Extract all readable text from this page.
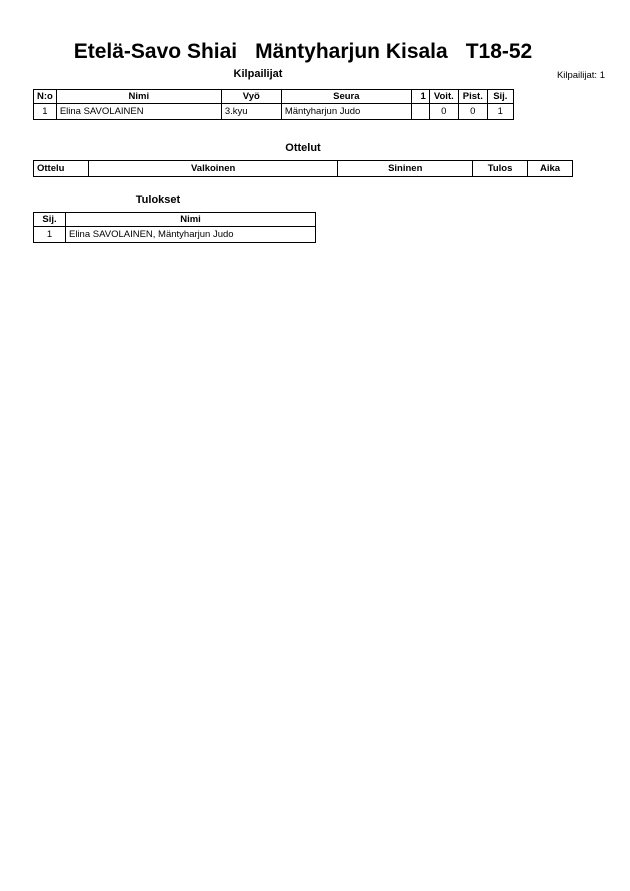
Etelä-Savo Shiai Mäntyharjun Kisala T18-52
Kilpailijat	Kilpailijat: 1
N:o	Nimi	Vyö	Seura	1	Voit.	Pist.	Sij.
1	Elina SAVOLAINEN	3.kyu	Mäntyharjun Judo		0	0	1
Ottelut
Ottelu	Valkoinen	Sininen	Tulos	Aika
Tulokset
Sij.	Nimi
1	Elina SAVOLAINEN, Mäntyharjun Judo
